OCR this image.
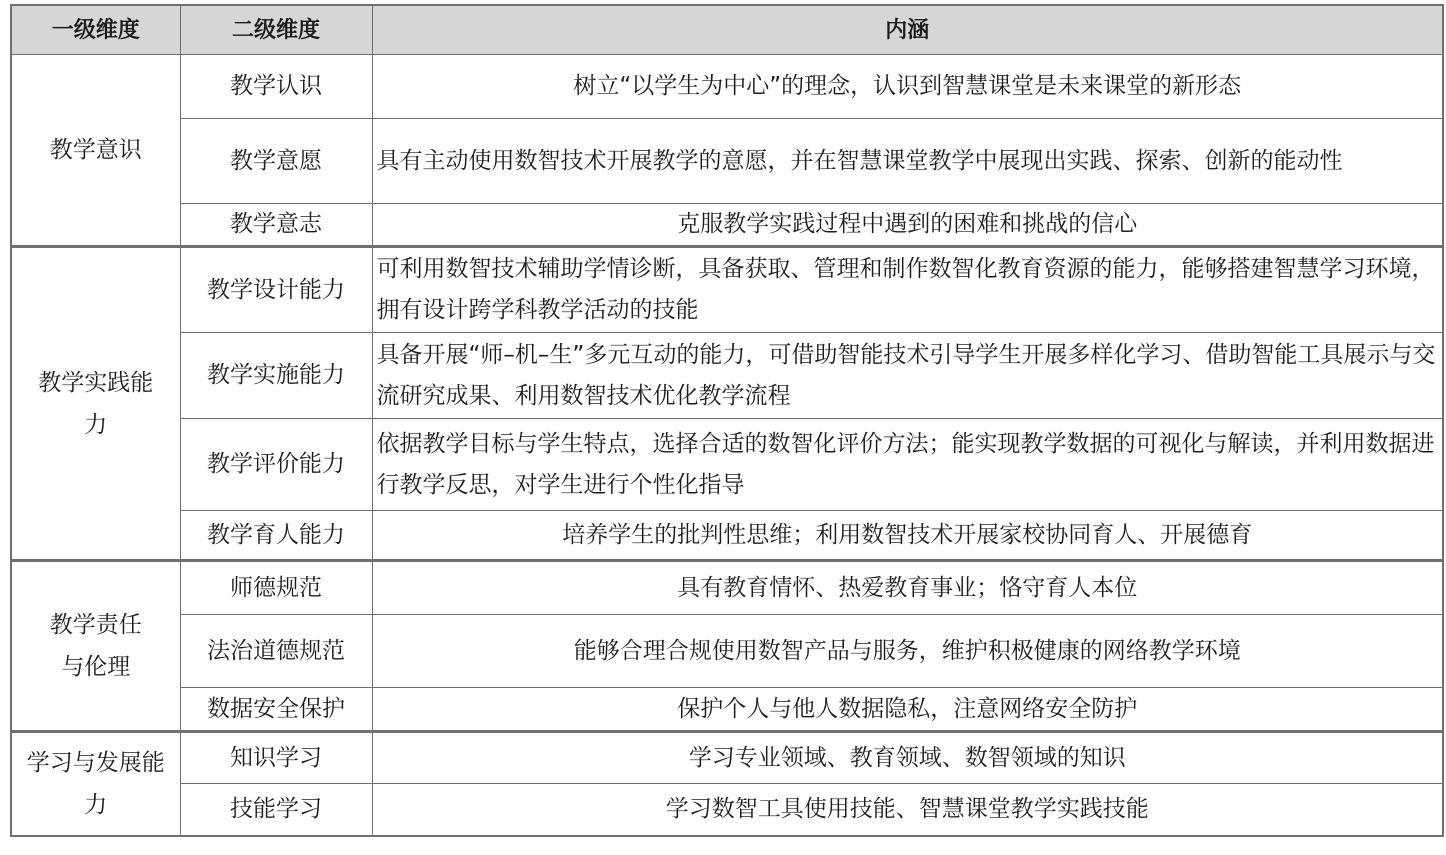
一级维度	二级维度	内涵
教学意识	教学认识	树立“以学生为中心”的理念，认识到智慧课堂是未来课堂的新形态
	教学意愿	具有主动使用数智技术开展教学的意愿，并在智慧课堂教学中展现出实践、探索、创新的能动性
	教学意志	克服教学实践过程中遇到的困难和挑战的信心
教学实践能力	教学设计能力	可利用数智技术辅助学情诊断，具备获取、管理和制作数智化教育资源的能力，能够搭建智慧学习环境，拥有设计跨学科教学活动的技能
	教学实施能力	具备开展“师–机–生”多元互动的能力，可借助智能技术引导学生开展多样化学习、借助智能工具展示与交流研究成果、利用数智技术优化教学流程
	教学评价能力	依据教学目标与学生特点，选择合适的数智化评价方法；能实现教学数据的可视化与解读，并利用数据进行教学反思，对学生进行个性化指导
	教学育人能力	培养学生的批判性思维；利用数智技术开展家校协同育人、开展德育
教学责任与伦理	师德规范	具有教育情怀、热爱教育事业；恪守育人本位
	法治道德规范	能够合理合规使用数智产品与服务，维护积极健康的网络教学环境
	数据安全保护	保护个人与他人数据隐私，注意网络安全防护
学习与发展能力	知识学习	学习专业领域、教育领域、数智领域的知识
	技能学习	学习数智工具使用技能、智慧课堂教学实践技能
